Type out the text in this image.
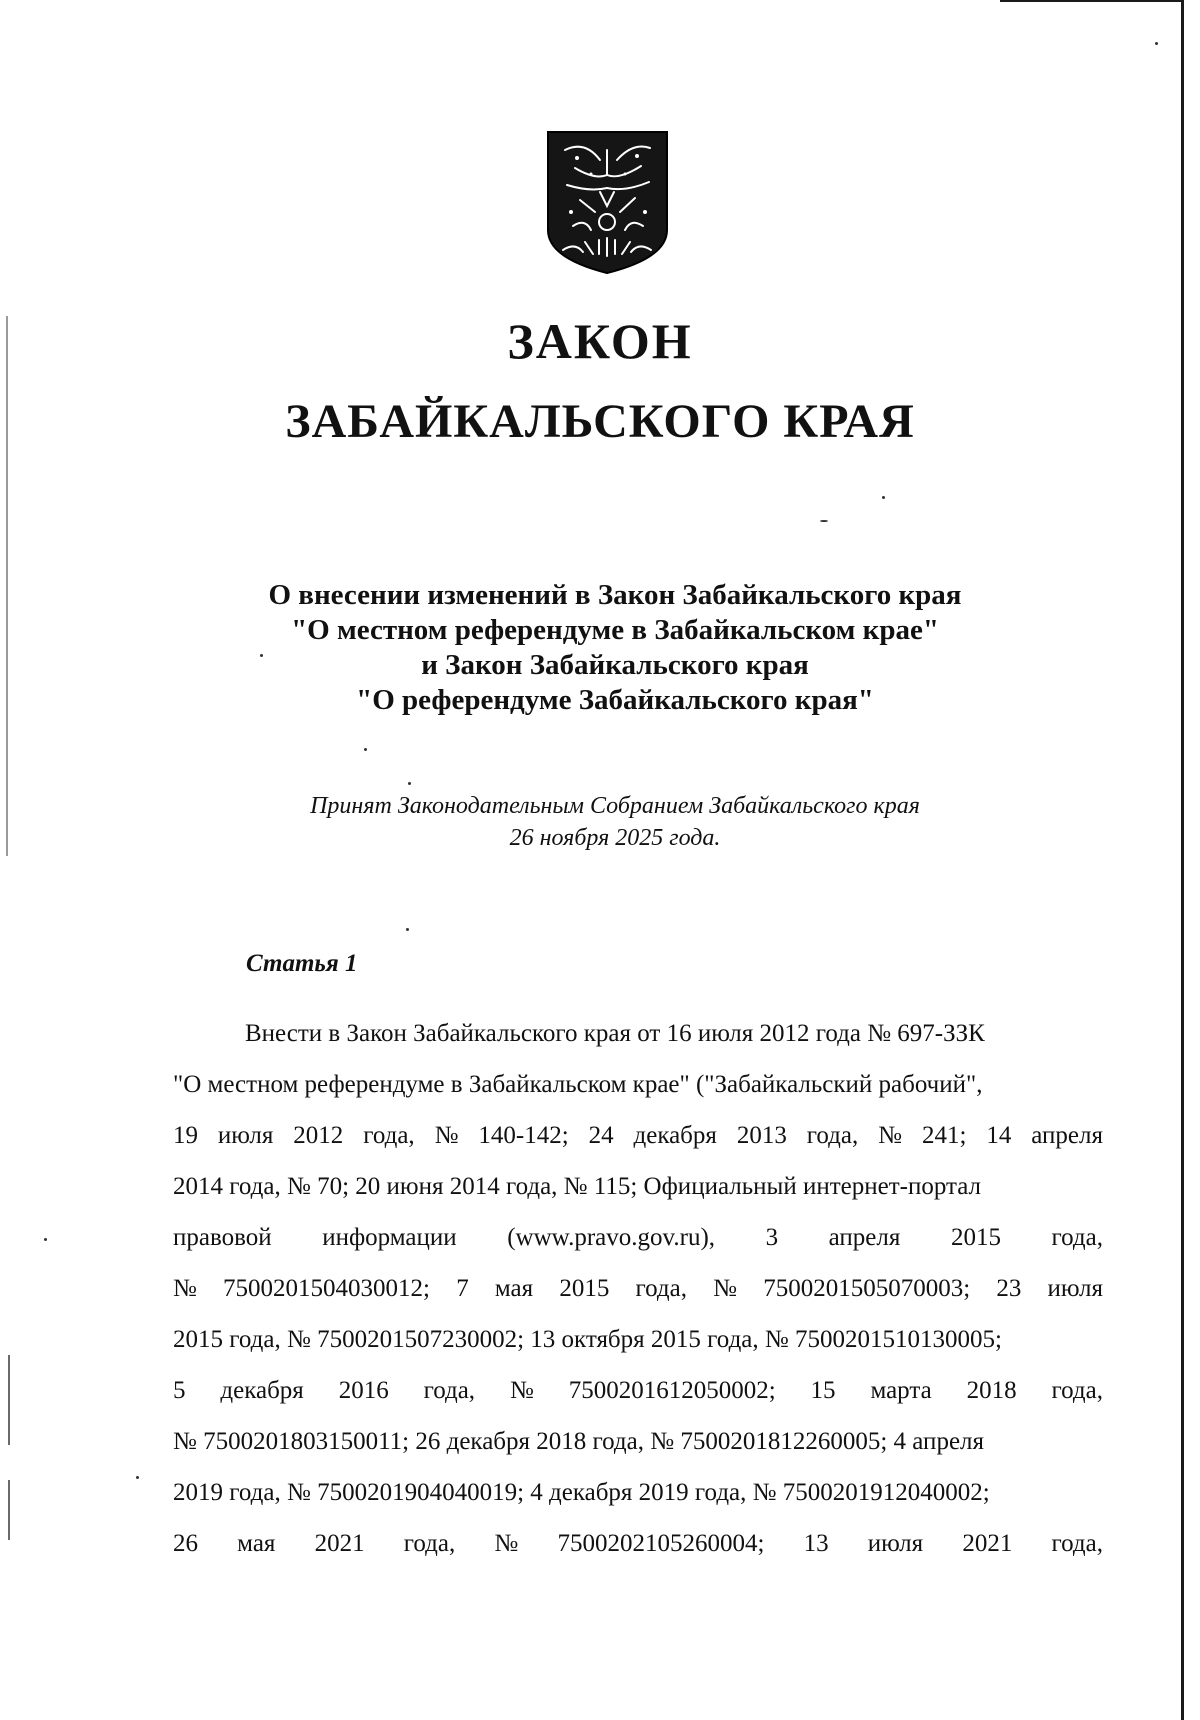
ЗАКОН
ЗАБАЙКАЛЬСКОГО КРАЯ
О внесении изменений в Закон Забайкальского края
"О местном референдуме в Забайкальском крае"
и Закон Забайкальского края
"О референдуме Забайкальского края"
Принят Законодательным Собранием Забайкальского края
26 ноября 2025 года.
Статья 1
Внести в Закон Забайкальского края от 16 июля 2012 года № 697-ЗЗК
"О местном референдуме в Забайкальском крае" ("Забайкальский рабочий",
19 июля 2012 года, № 140-142; 24 декабря 2013 года, № 241; 14 апреля
2014 года, № 70; 20 июня 2014 года, № 115; Официальный интернет-портал
правовой информации (www.pravo.gov.ru), 3 апреля 2015 года,
№ 7500201504030012; 7 мая 2015 года, № 7500201505070003; 23 июля
2015 года, № 7500201507230002; 13 октября 2015 года, № 7500201510130005;
5 декабря 2016 года, № 7500201612050002; 15 марта 2018 года,
№ 7500201803150011; 26 декабря 2018 года, № 7500201812260005; 4 апреля
2019 года, № 7500201904040019; 4 декабря 2019 года, № 7500201912040002;
26 мая 2021 года, № 7500202105260004; 13 июля 2021 года,
